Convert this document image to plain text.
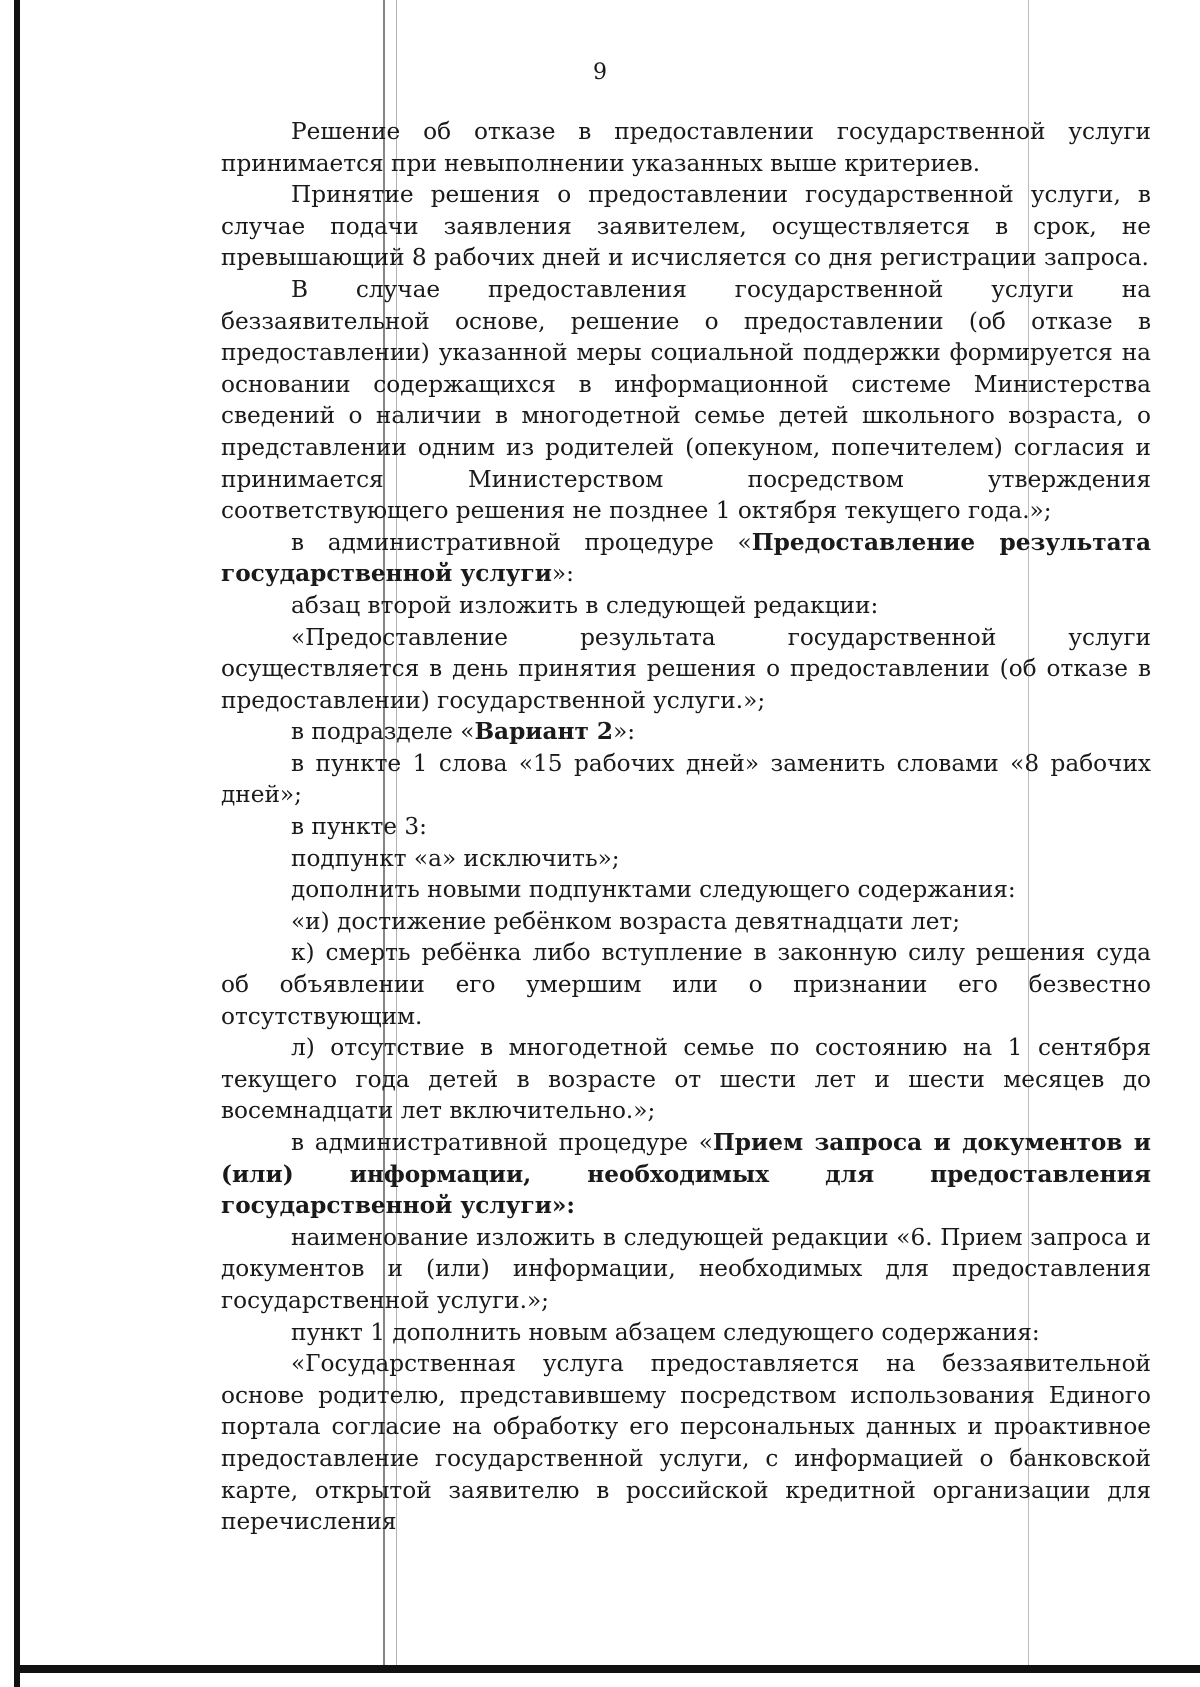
9

Решение об отказе в предоставлении государственной услуги принимается при невыполнении указанных выше критериев.

Принятие решения о предоставлении государственной услуги, в случае подачи заявления заявителем, осуществляется в срок, не превышающий 8 рабочих дней и исчисляется со дня регистрации запроса.

В случае предоставления государственной услуги на беззаявительной основе, решение о предоставлении (об отказе в предоставлении) указанной меры социальной поддержки формируется на основании содержащихся в информационной системе Министерства сведений о наличии в многодетной семье детей школьного возраста, о представлении одним из родителей (опекуном, попечителем) согласия и принимается Министерством посредством утверждения соответствующего решения не позднее 1 октября текущего года.»;

в административной процедуре «Предоставление результата государственной услуги»:

абзац второй изложить в следующей редакции:

«Предоставление результата государственной услуги осуществляется в день принятия решения о предоставлении (об отказе в предоставлении) государственной услуги.»;

в подразделе «Вариант 2»:

в пункте 1 слова «15 рабочих дней» заменить словами «8 рабочих дней»;

в пункте 3:

подпункт «а» исключить»;

дополнить новыми подпунктами следующего содержания:

«и) достижение ребёнком возраста девятнадцати лет;

к) смерть ребёнка либо вступление в законную силу решения суда об объявлении его умершим или о признании его безвестно отсутствующим.

л) отсутствие в многодетной семье по состоянию на 1 сентября текущего года детей в возрасте от шести лет и шести месяцев до восемнадцати лет включительно.»;

в административной процедуре «Прием запроса и документов и (или) информации, необходимых для предоставления государственной услуги»:

наименование изложить в следующей редакции «6. Прием запроса и документов и (или) информации, необходимых для предоставления государственной услуги.»;

пункт 1 дополнить новым абзацем следующего содержания:

«Государственная услуга предоставляется на беззаявительной основе родителю, представившему посредством использования Единого портала согласие на обработку его персональных данных и проактивное предоставление государственной услуги, с информацией о банковской карте, открытой заявителю в российской кредитной организации для перечисления
